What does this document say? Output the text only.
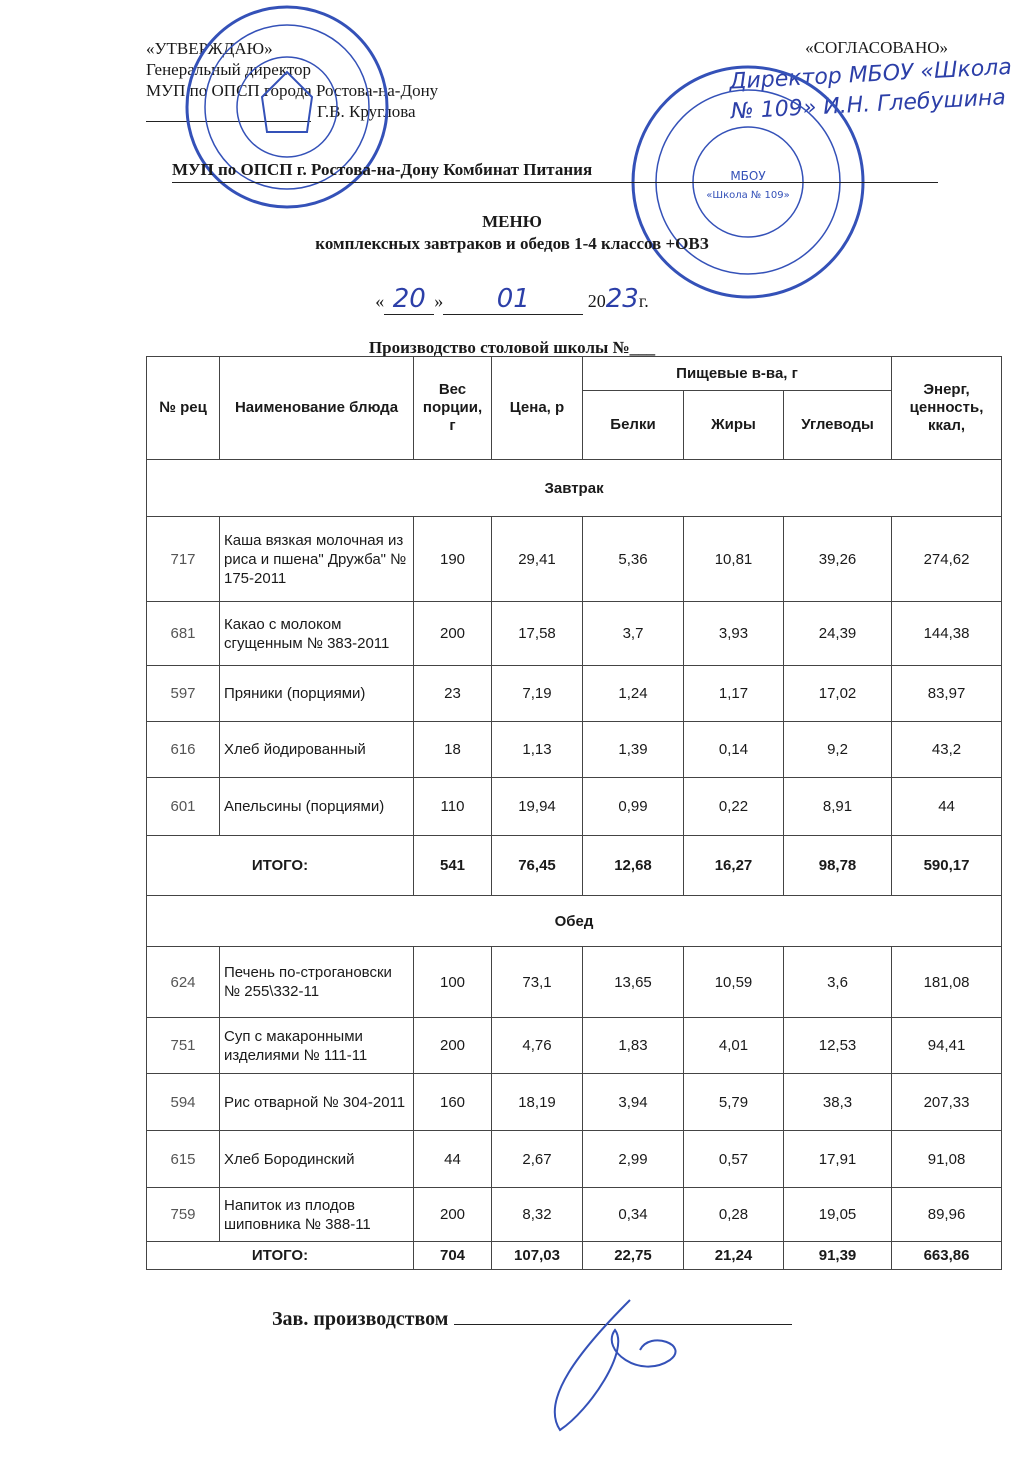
«УТВЕРЖДАЮ»
Генеральный директор
МУП по ОПСП города Ростова-на-Дону
Г.В. Круглова
«СОГЛАСОВАНО»
Директор МБОУ «Школа № 109» И.Н. Глебушина
МБОУ
«Школа № 109»
МУП по ОПСП г. Ростова-на-Дону Комбинат Питания
МЕНЮ
комплексных завтраков и обедов 1-4 классов +ОВЗ
« 20 » 01	2023г.
Производство столовой школы №___
№ рец	Наименование блюда	Вес порции, г	Цена, р	Пищевые в-ва, г			Энерг, ценность, ккал,
				Белки	Жиры	Углеводы	
Завтрак							
717	Каша вязкая молочная из риса и пшена" Дружба" № 175-2011	190	29,41	5,36	10,81	39,26	274,62
681	Какао с молоком сгущенным № 383-2011	200	17,58	3,7	3,93	24,39	144,38
597	Пряники (порциями)	23	7,19	1,24	1,17	17,02	83,97
616	Хлеб йодированный	18	1,13	1,39	0,14	9,2	43,2
601	Апельсины (порциями)	110	19,94	0,99	0,22	8,91	44
ИТОГО:		541	76,45	12,68	16,27	98,78	590,17
Обед							
624	Печень по-строгановски № 255\332-11	100	73,1	13,65	10,59	3,6	181,08
751	Суп с макаронными изделиями № 111-11	200	4,76	1,83	4,01	12,53	94,41
594	Рис отварной № 304-2011	160	18,19	3,94	5,79	38,3	207,33
615	Хлеб Бородинский	44	2,67	2,99	0,57	17,91	91,08
759	Напиток из плодов шиповника № 388-11	200	8,32	0,34	0,28	19,05	89,96
ИТОГО:		704	107,03	22,75	21,24	91,39	663,86
Зав. производством
